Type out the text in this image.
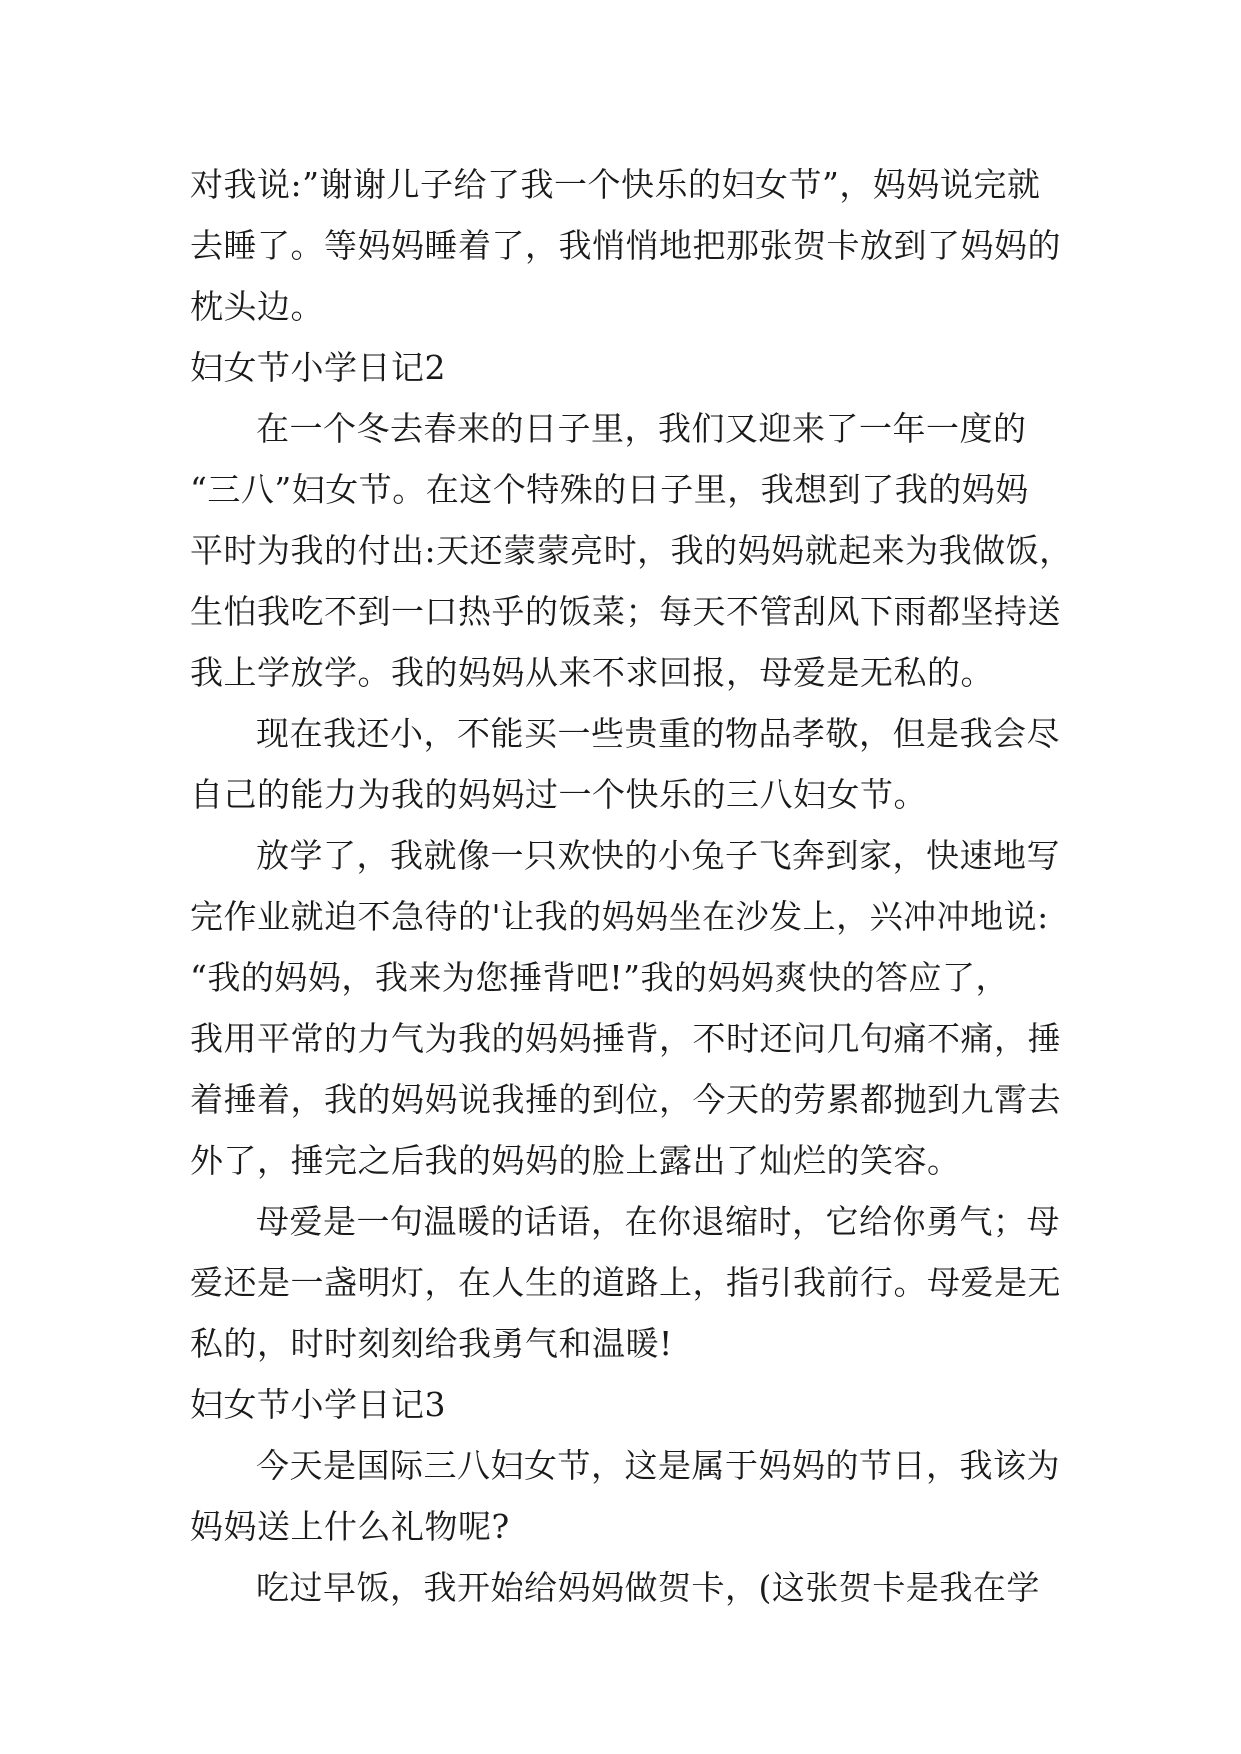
对我说:”谢谢儿子给了我一个快乐的妇女节”，妈妈说完就
去睡了。等妈妈睡着了，我悄悄地把那张贺卡放到了妈妈的
枕头边。
妇女节小学日记2
在一个冬去春来的日子里，我们又迎来了一年一度的
“三八”妇女节。在这个特殊的日子里，我想到了我的妈妈
平时为我的付出:天还蒙蒙亮时，我的妈妈就起来为我做饭，
生怕我吃不到一口热乎的饭菜；每天不管刮风下雨都坚持送
我上学放学。我的妈妈从来不求回报，母爱是无私的。
现在我还小，不能买一些贵重的物品孝敬，但是我会尽
自己的能力为我的妈妈过一个快乐的三八妇女节。
放学了，我就像一只欢快的小兔子飞奔到家，快速地写
完作业就迫不急待的'让我的妈妈坐在沙发上，兴冲冲地说:
“我的妈妈，我来为您捶背吧!”我的妈妈爽快的答应了，
我用平常的力气为我的妈妈捶背，不时还问几句痛不痛，捶
着捶着，我的妈妈说我捶的到位，今天的劳累都抛到九霄去
外了，捶完之后我的妈妈的脸上露出了灿烂的笑容。
母爱是一句温暖的话语，在你退缩时，它给你勇气；母
爱还是一盏明灯，在人生的道路上，指引我前行。母爱是无
私的，时时刻刻给我勇气和温暖!
妇女节小学日记3
今天是国际三八妇女节，这是属于妈妈的节日，我该为
妈妈送上什么礼物呢?
吃过早饭，我开始给妈妈做贺卡，(这张贺卡是我在学
